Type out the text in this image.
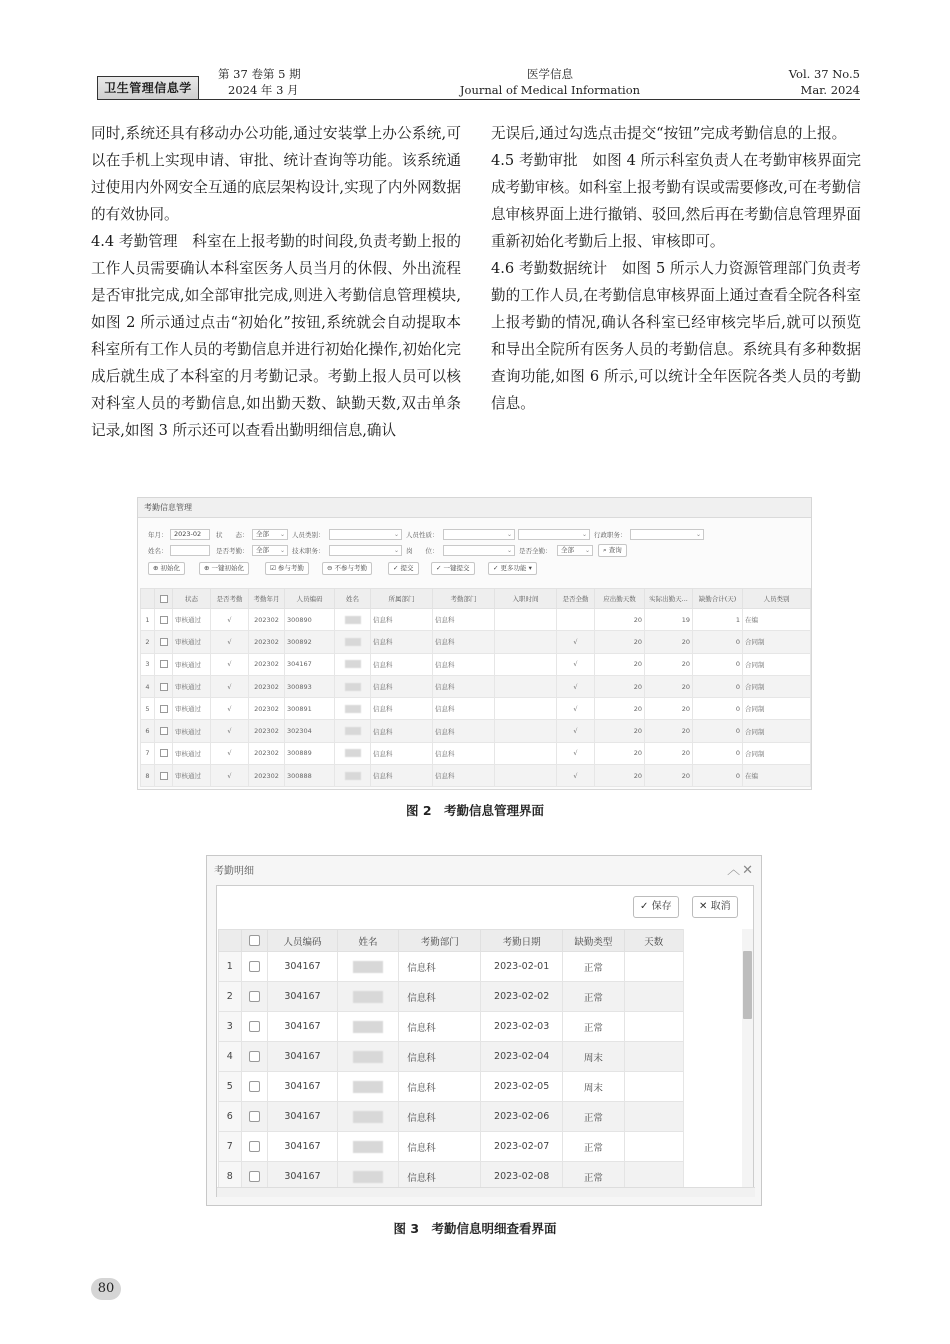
卫生管理信息学
第 37 卷第 5 期
2024 年 3 月
医学信息
Journal of Medical Information
Vol. 37 No.5
Mar. 2024

同时,系统还具有移动办公功能,通过安装掌上办公系统,可以在手机上实现申请、审批、统计查询等功能。该系统通过使用内外网安全互通的底层架构设计,实现了内外网数据的有效协同。

4.4 考勤管理　科室在上报考勤的时间段,负责考勤上报的工作人员需要确认本科室医务人员当月的休假、外出流程是否审批完成,如全部审批完成,则进入考勤信息管理模块,如图 2 所示通过点击“初始化”按钮,系统就会自动提取本科室所有工作人员的考勤信息并进行初始化操作,初始化完成后就生成了本科室的月考勤记录。考勤上报人员可以核对科室人员的考勤信息,如出勤天数、缺勤天数,双击单条记录,如图 3 所示还可以查看出勤明细信息,确认

无误后,通过勾选点击提交“按钮”完成考勤信息的上报。

4.5 考勤审批　如图 4 所示科室负责人在考勤审核界面完成考勤审核。如科室上报考勤有误或需要修改,可在考勤信息审核界面上进行撤销、驳回,然后再在考勤信息管理界面重新初始化考勤后上报、审核即可。

4.6 考勤数据统计　如图 5 所示人力资源管理部门负责考勤的工作人员,在考勤信息审核界面上通过查看全院各科室上报考勤的情况,确认各科室已经审核完毕后,就可以预览和导出全院所有医务人员的考勤信息。系统具有多种数据查询功能,如图 6 所示,可以统计全年医院各类人员的考勤信息。

考勤信息管理
年月：	2023-02	状　　态：	全部 ⌄ 人员类别：	⌄ 人员性质：	⌄	⌄ 行政职务：	⌄
姓名：	是否考勤：	全部 ⌄ 技术职务：	⌄ 岗　　位：	⌄ 是否全勤：	全部 ⌄	⌕ 查询
⊕ 初始化	⊕ 一键初始化	☑ 参与考勤	⊖ 不参与考勤	✓ 提交	✓ 一键提交	✓ 更多功能 ▾
		状态	是否考勤	考勤年月	人员编码	姓名	所属部门	考勤部门	入职时间	是否全勤	应出勤天数	实际出勤天...	缺勤合计(天)	人员类别
1		审核通过	√	202302	300890		信息科	信息科			20	19	1	在编
2		审核通过	√	202302	300892		信息科	信息科		√	20	20	0	合同制
3		审核通过	√	202302	304167		信息科	信息科		√	20	20	0	合同制
4		审核通过	√	202302	300893		信息科	信息科		√	20	20	0	合同制
5		审核通过	√	202302	300891		信息科	信息科		√	20	20	0	合同制
6		审核通过	√	202302	302304		信息科	信息科		√	20	20	0	合同制
7		审核通过	√	202302	300889		信息科	信息科		√	20	20	0	合同制
8		审核通过	√	202302	300888		信息科	信息科		√	20	20	0	在编
图 2　考勤信息管理界面
考勤明细	︿✕
✓ 保存	✕ 取消
		人员编码	姓名	考勤部门	考勤日期	缺勤类型	天数
1		304167		信息科	2023-02-01	正常	
2		304167		信息科	2023-02-02	正常	
3		304167		信息科	2023-02-03	正常	
4		304167		信息科	2023-02-04	周末	
5		304167		信息科	2023-02-05	周末	
6		304167		信息科	2023-02-06	正常	
7		304167		信息科	2023-02-07	正常	
8		304167		信息科	2023-02-08	正常	
图 3　考勤信息明细查看界面
80
